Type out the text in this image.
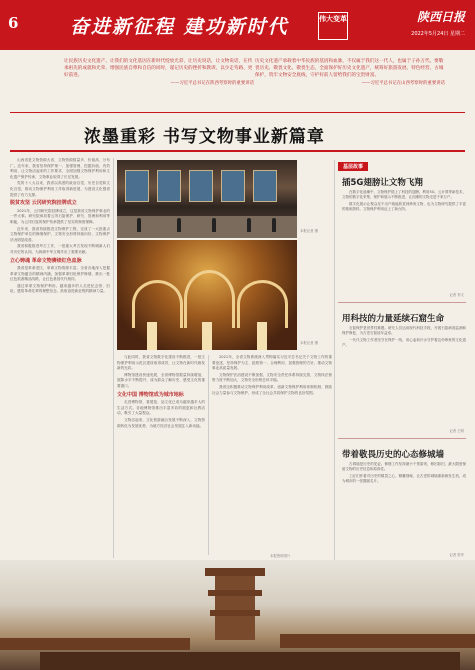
6	奋进新征程 建功新时代	伟大变革	陕西日报
2022年5月24日 星期二
让民族历史文化遗产、让我们的文化基因在新时代绽放光彩，让历史说话，让文物说话，在传承祖先的成就和光荣、增强民族自尊和自信的同时，谨记历史的挫折和教训，以少走弯路、更好前进。
——习近平总书记在陕西考察时的重要讲话
历史文化遗产承载着中华民族的基因和血脉，不仅属于我们这一代人，也属于子孙万代。要敬畏历史、敬畏文化、敬畏生态，全面保护好历史文化遗产，统筹好旅游发展、特色经营、古城保护，筑牢文物安全底线，守护好前人留给我们的宝贵财富。
——习近平总书记在山西考察时的重要讲话
浓墨重彩 书写文物事业新篇章

山西省是文物资源大省，文物资源数量多、价值高、分布广。近年来，我省坚持保护第一、加强管理、挖掘价值、有效利用、让文物活起来的工作要求，全面加强文物保护利用和文化遗产保护传承，文物事业取得了长足发展。

党的十八大以来，我省以高度的政治自觉、历史自觉和文化自觉，推动文物保护利用工作取得新进展，为建设文化强省提供了有力支撑。

脱贫攻坚 云冈研究院挂牌成立

2021年，云冈研究院挂牌成立，这是我省文物保护事业的一件大事。研究院承担着云冈石窟保护、研究、管理和利用等职能，为云冈石窟的保护传承提供了坚实的制度保障。

近年来，我省持续推进文物保护工程，完成了一大批重点文物保护单位的修缮保护，文物安全形势持续向好，文物保护状况明显改善。

我省积极推进考古工作，一批重大考古发现不断刷新人们对历史的认知，为探源中华文明作出了重要贡献。

立心铸魂 革命文物赓续红色血脉

我省是革命老区，革命文物资源丰富。全省各地深入挖掘革命文物蕴含的精神内涵，加强革命旧址保护修缮，推出一批红色旅游精品线路，让红色基因代代相传。

通过革命文物保护利用，越来越多的人走进纪念馆、旧址，感悟革命先辈的理想信念，汲取奋进新征程的精神力量。

本报记者 摄
本报记者 摄

与此同时，我省文物数字化建设不断推进，一批文物保护利用示范区建设取得成效，让文物在新时代焕发新的光彩。

博物馆建设快速发展，全省博物馆数量持续增加，展陈水平不断提升，成为群众了解历史、感受文化的重要窗口。

文化中国 博物馆成为城市地标

走进博物馆，看展览、品文化已成为越来越多人的生活方式。各地博物馆推出丰富多彩的展览和社教活动，吸引了大量观众。

文物活起来，文化旅游融合发展不断深入，文物资源转化为发展优势，为地方经济社会发展注入新动能。

2021年，全省文物系统深入贯彻落实习近平总书记关于文物工作的重要论述，坚持保护为主、抢救第一、合理利用、加强管理的方针，推动文物事业高质量发展。

文物保护法治建设不断加强，文物安全责任体系持续完善，文物执法督察力度不断加大，文物安全形势总体平稳。

我省还积极推动文物保护利用改革，创新文物保护利用体制机制，鼓励社会力量参与文物保护，形成了全社会共同保护文物的良好氛围。

基层故事
插5G翅膀让文物飞翔

在数字化浪潮中，文物保护插上了科技的翅膀。利用5G、云计算等新技术，文物的数字化采集、保护和展示不断推进，让沉睡的文物走进千家万户。

数字化展示让观众足不出户就能欣赏到珍贵文物，也为文物研究提供了丰富的基础资料，文物保护利用迈上了新台阶。

记者 李文
用科技的力量延续石窟生命

石窟保护是世界性难题。研究人员运用现代科技手段，开展石窟病害监测和保护修复，为古老石窟延年益寿。

一代代文物工作者坚守在保护一线，用心血和汗水守护着这份珍贵的文化遗产。

记者 王明
带着敬畏历史的心态修城墙

古城墙是历史的见证。修缮工作坚持最小干预原则，修旧如旧，最大限度保留文物的历史信息和原真性。

工匠们怀着对历史的敬畏之心，精雕细琢，让古老的城墙重新焕发生机，成为城市的一张靓丽名片。

记者 张华
本报资料图片
